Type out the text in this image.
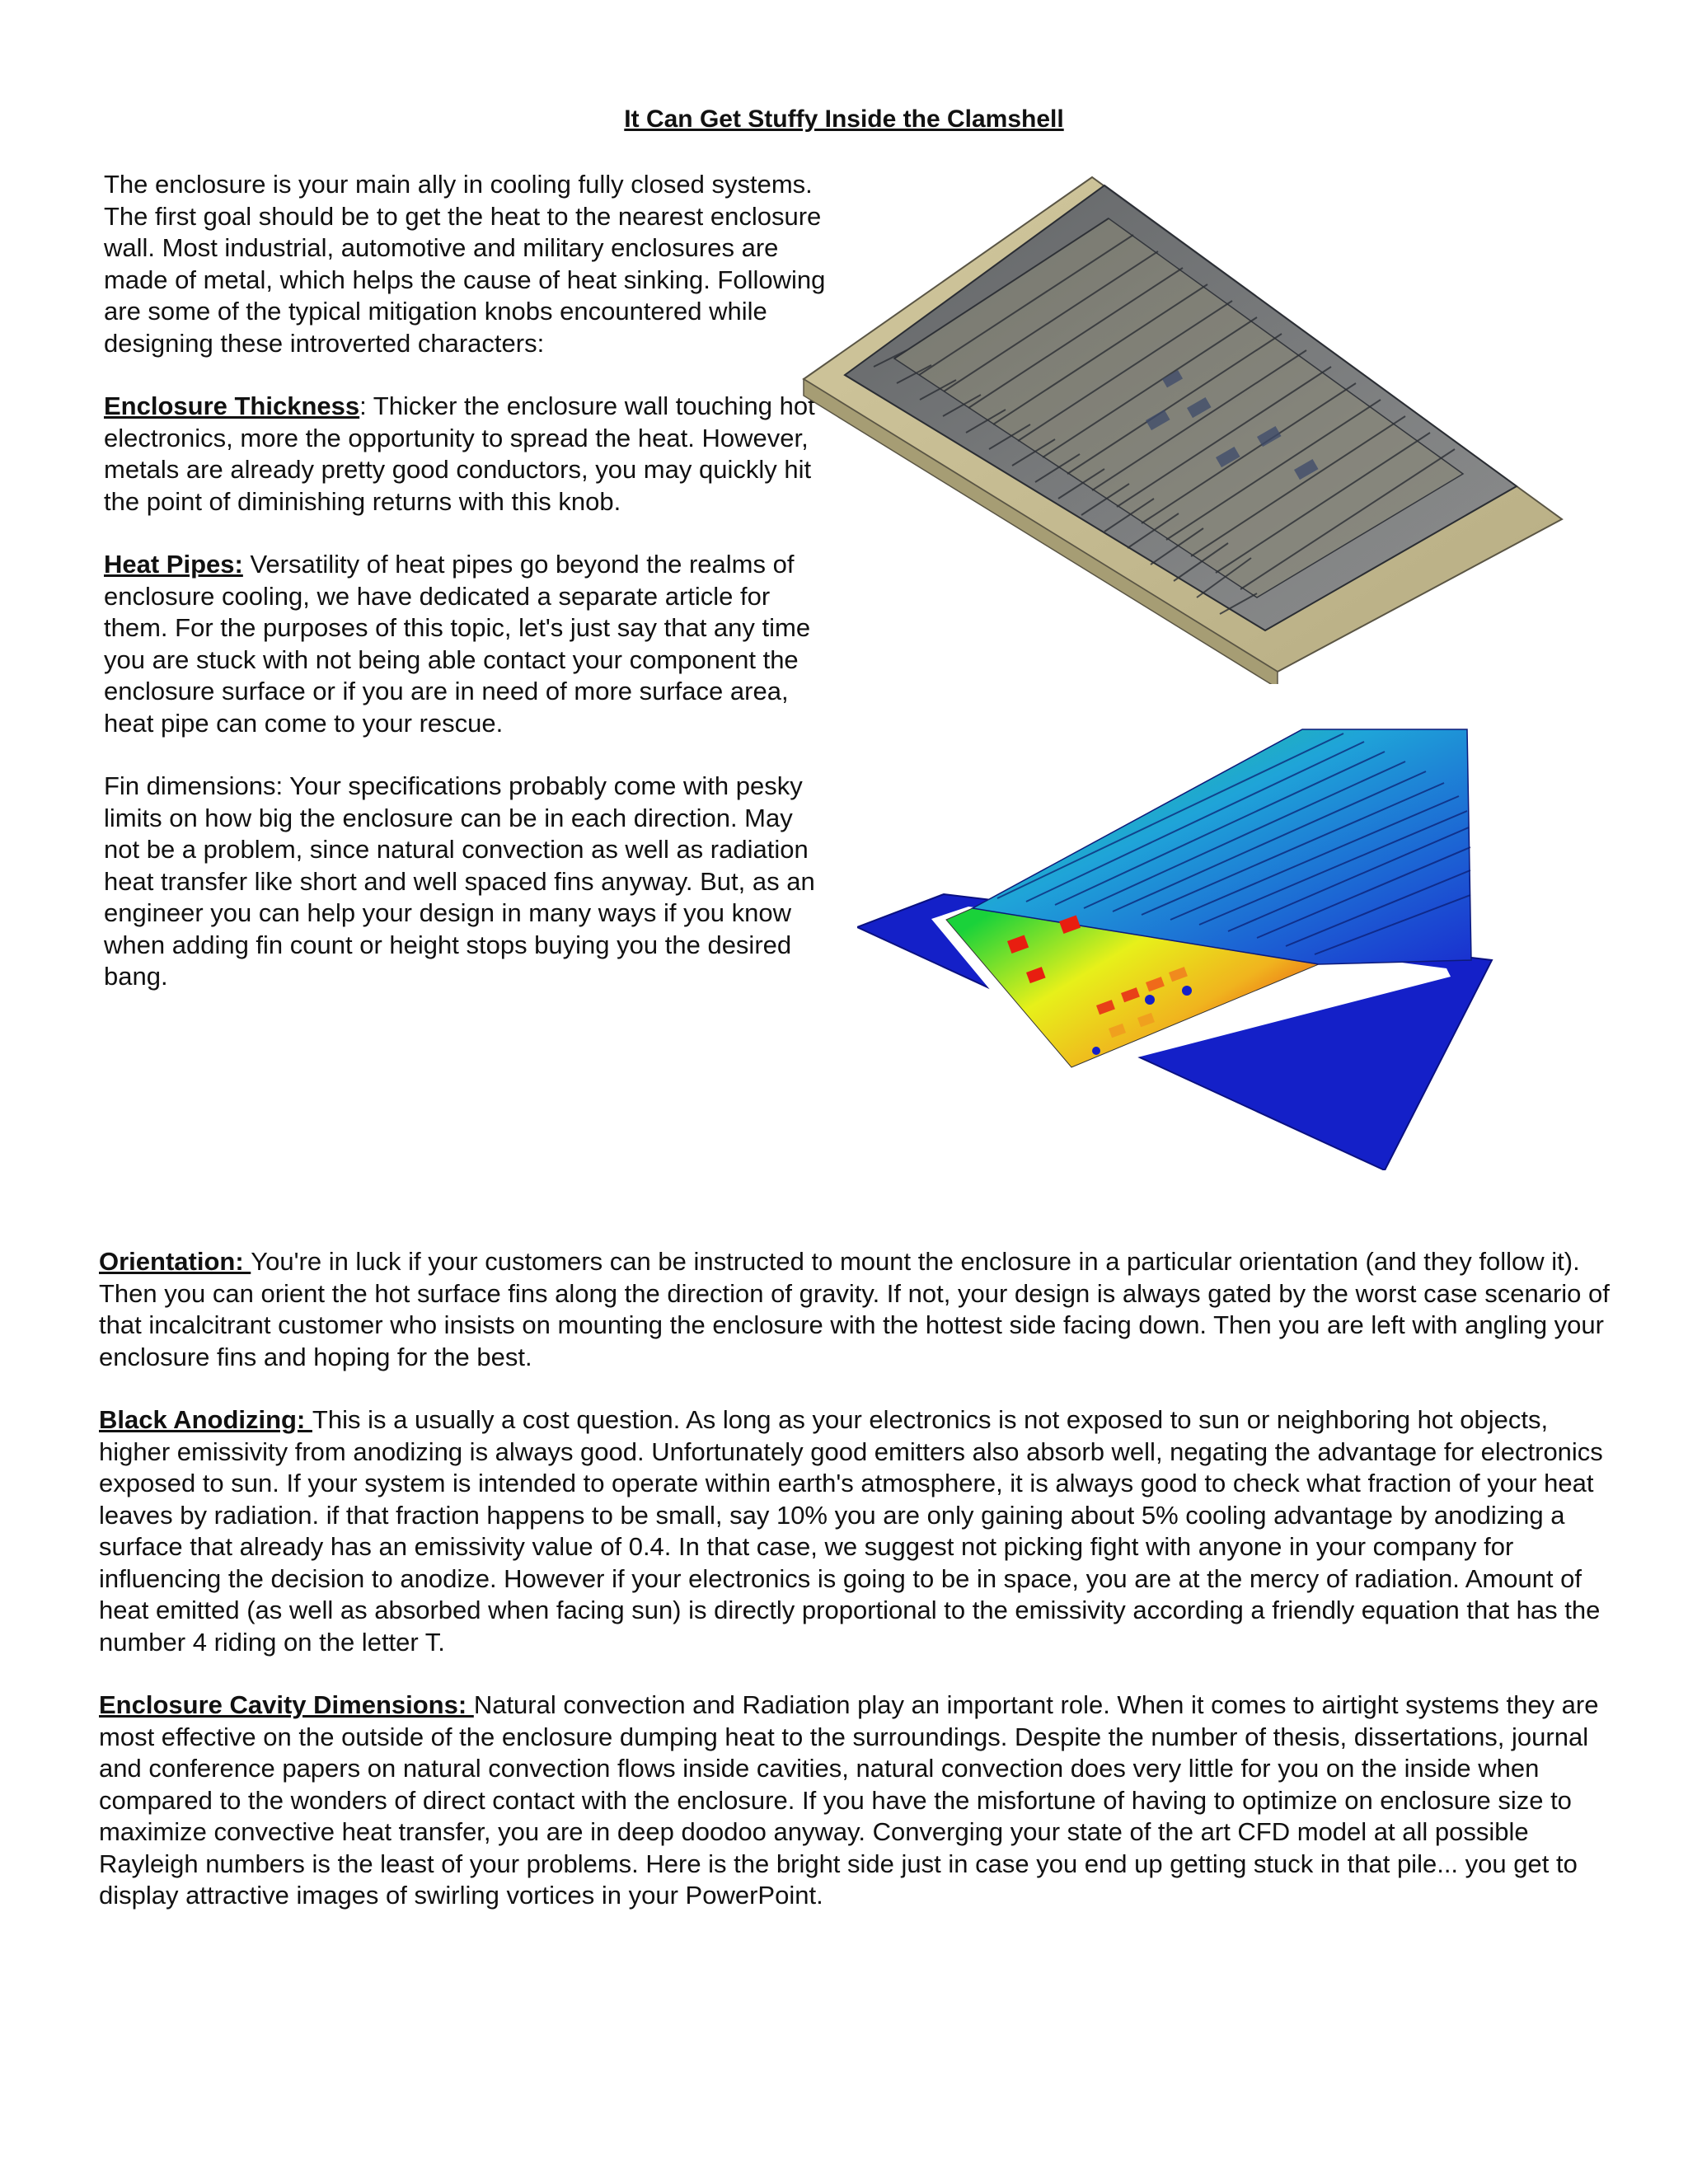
It Can Get Stuffy Inside the Clamshell

The enclosure is your main ally in cooling fully closed systems. The first goal should be to get the heat to the nearest enclosure wall. Most industrial, automotive and military enclosures are made of metal, which helps the cause of heat sinking. Following are some of the typical mitigation knobs encountered while designing these introverted characters:

Enclosure Thickness: Thicker the enclosure wall touching hot electronics, more the opportunity to spread the heat. However, metals are already pretty good conductors, you may quickly hit the point of diminishing returns with this knob.

Heat Pipes: Versatility of heat pipes go beyond the realms of enclosure cooling, we have dedicated a separate article for them. For the purposes of this topic, let's just say that any time you are stuck with not being able contact your component the enclosure surface or if you are in need of more surface area, heat pipe can come to your rescue.

Fin dimensions: Your specifications probably come with pesky limits on how big the enclosure can be in each direction. May not be a problem, since natural convection as well as radiation heat transfer like short and well spaced fins anyway. But, as an engineer you can help your design in many ways if you know when adding fin count or height stops buying you the desired bang.

Orientation: You're in luck if your customers can be instructed to mount the enclosure in a particular orientation (and they follow it). Then you can orient the hot surface fins along the direction of gravity. If not, your design is always gated by the worst case scenario of that incalcitrant customer who insists on mounting the enclosure with the hottest side facing down. Then you are left with angling your enclosure fins and hoping for the best.

Black Anodizing: This is a usually a cost question. As long as your electronics is not exposed to sun or neighboring hot objects, higher emissivity from anodizing is always good. Unfortunately good emitters also absorb well, negating the advantage for electronics exposed to sun. If your system is intended to operate within earth's atmosphere, it is always good to check what fraction of your heat leaves by radiation. if that fraction happens to be small, say 10% you are only gaining about 5% cooling advantage by anodizing a surface that already has an emissivity value of 0.4. In that case, we suggest not picking fight with anyone in your company for influencing the decision to anodize. However if your electronics is going to be in space, you are at the mercy of radiation. Amount of heat emitted (as well as absorbed when facing sun) is directly proportional to the emissivity according a friendly equation that has the number 4 riding on the letter T.

Enclosure Cavity Dimensions: Natural convection and Radiation play an important role. When it comes to airtight systems they are most effective on the outside of the enclosure dumping heat to the surroundings. Despite the number of thesis, dissertations, journal and conference papers on natural convection flows inside cavities, natural convection does very little for you on the inside when compared to the wonders of direct contact with the enclosure. If you have the misfortune of having to optimize on enclosure size to maximize convective heat transfer, you are in deep doodoo anyway. Converging your state of the art CFD model at all possible Rayleigh numbers is the least of your problems. Here is the bright side just in case you end up getting stuck in that pile... you get to display attractive images of swirling vortices in your PowerPoint.
